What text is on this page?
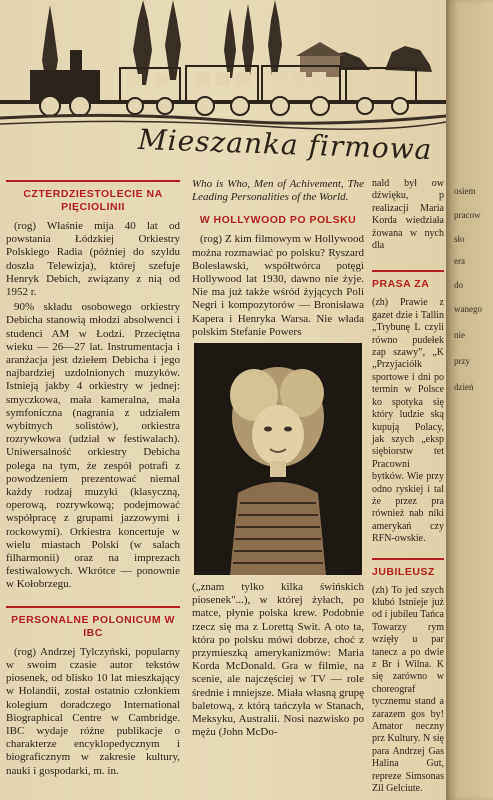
Mieszanka firmowa
CZTERDZIESTOLECIE NA PIĘCIOLINII

(rog) Właśnie mija 40 lat od powstania Łódzkiej Orkiestry Polskiego Radia (później do szyldu doszła Telewizja), której szefuje Henryk Debich, związany z nią od 1952 r.

90% składu osobowego orkiestry Debicha stanowią młodzi absolwenci i studenci AM w Łodzi. Przeciętna wieku — 26—27 lat. Instrumentacja i aranżacja jest dziełem Debicha i jego najbardziej uzdolnionych muzyków. Istnieją jakby 4 orkiestry w jednej: smyczkowa, mała kameralna, mała symfoniczna (nagrania z udziałem wybitnych solistów), orkiestra rozrywkowa (udział w festiwalach). Uniwersalność orkiestry Debicha polega na tym, że zespół potrafi z powodzeniem prezentować niemal każdy rodzaj muzyki (klasyczną, operową, rozrywkową; podejmować współpracę z grupami jazzowymi i rockowymi). Orkiestra koncertuje w wielu miastach Polski (w salach filharmonii) oraz na imprezach festiwalowych. Wkrótce — ponownie w Kołobrzegu.

PERSONALNE POLONICUM W IBC

(rog) Andrzej Tylczyński, popularny w swoim czasie autor tekstów piosenek, od blisko 10 lat mieszkający w Holandii, został ostatnio członkiem kolegium doradczego International Biographical Centre w Cambridge. IBC wydaje różne publikacje o charakterze encyklopedycznym i biograficznym w zakresie kultury, nauki i gospodarki, m. in.

Who is Who, Men of Achivement, The Leading Personalities of the World.

W HOLLYWOOD PO POLSKU

(rog) Z kim filmowym w Hollywood można rozmawiać po polsku? Ryszard Bolesławski, współtwórca potęgi Hollywood lat 1930, dawno nie żyje. Nie ma już także wśród żyjących Poli Negri i kompozytorów — Bronisława Kapera i Henryka Warsa. Nie włada polskim Stefanie Powers

(„znam tylko kilka świńskich piosenek"...), w której żyłach, po matce, płynie polska krew. Podobnie rzecz się ma z Lorettą Swit. A oto ta, która po polsku mówi dobrze, choć z przymieszką amerykanizmów: Maria Korda McDonald. Gra w filmie, na scenie, ale najczęściej w TV — role średnie i mniejsze. Miała własną grupę baletową, z którą tańczyła w Stanach, Meksyku, Australii. Nosi nazwisko po mężu (John McDo-

nald był ow dźwięku, p realizacji Maria Korda wiedziała żowana w nych dla

PRASA ZA

(zh) Prawie z gazet dzie i Tallin „Trybunę L czyli równo pudełek zap szawy”, „K „Przyjaciółk sportowe i dni po termin w Polsce ko spotyka się który ludzie ską kupują Polacy, jak szych „eksp siębiorstw tet Pracowni bytków. Wie przy odno ryskiej i tal że przez pra również nab niki amerykań czy RFN-owskie.

JUBILEUSZ

(zh) To jed szych klubó Istnieje już od i jubileu Tańca Towarzy rym wzięły u par tanecz a po dwie z Br i Wilna. K się zarówno w choreograf tycznemu stand a zarazem gos by! Amator neczny prz Kultury. N się para Andrzej Gas Halina Gut, repreze Simsonas Zil Gelciute.

osiem
pracow
sło
era
do
wanego
nie
przy
dzień
